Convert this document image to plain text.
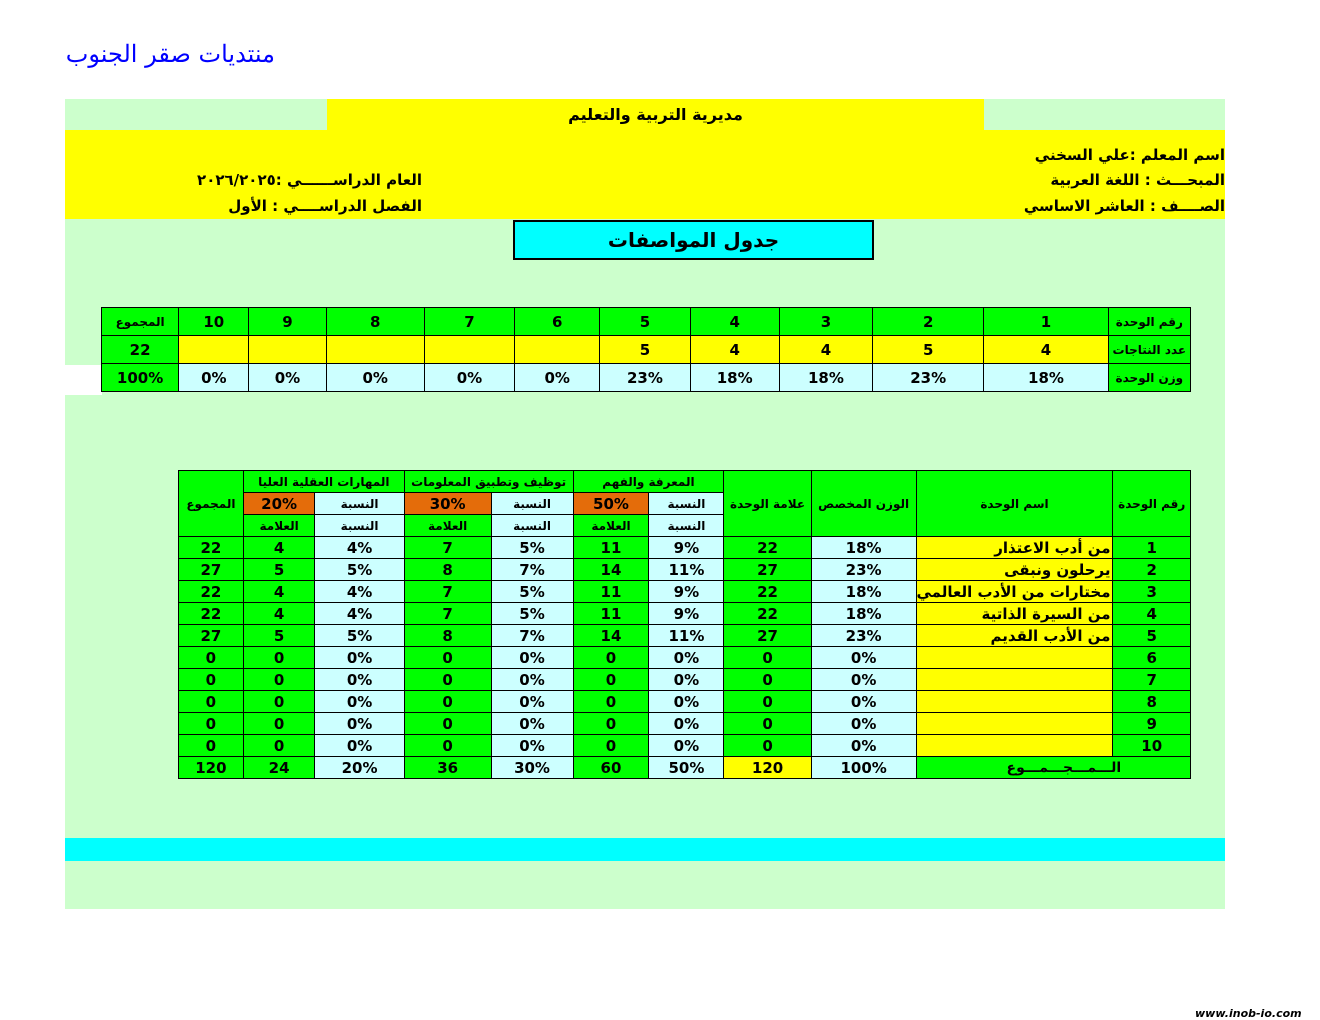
منتديات صقر الجنوب
مديرية التربية والتعليم
اسم المعلم :علي السخني
المبحـــث : اللغة العربية
الصــــف : العاشر الاساسي
العام الدراســــــي :٢٠٢٦/٢٠٢٥
الفصل الدراســــي : الأول
جدول المواصفات
المجموع	10	9	8	7	6	5	4	3	2	1	رقم الوحدة
22						5	4	4	5	4	عدد النتاجات
100%	0%	0%	0%	0%	0%	23%	18%	18%	23%	18%	وزن الوحدة
المجموع	المهارات العقلية العليا		توظيف وتطبيق المعلومات		المعرفة والفهم		علامة الوحدة	الوزن المخصص	اسم الوحدة	رقم الوحدة
	20%	النسبة	30%	النسبة	50%	النسبة				
	العلامة	النسبة	العلامة	النسبة	العلامة	النسبة				
22	4	4%	7	5%	11	9%	22	18%	من أدب الاعتذار	1
27	5	5%	8	7%	14	11%	27	23%	يرحلون ونبقى	2
22	4	4%	7	5%	11	9%	22	18%	مختارات من الأدب العالمي	3
22	4	4%	7	5%	11	9%	22	18%	من السيرة الذاتية	4
27	5	5%	8	7%	14	11%	27	23%	من الأدب القديم	5
0	0	0%	0	0%	0	0%	0	0%		6
0	0	0%	0	0%	0	0%	0	0%		7
0	0	0%	0	0%	0	0%	0	0%		8
0	0	0%	0	0%	0	0%	0	0%		9
0	0	0%	0	0%	0	0%	0	0%		10
120	24	20%	36	30%	60	50%	120	100%	الـــمـــجـــمـــوع	
www.inob-io.com
